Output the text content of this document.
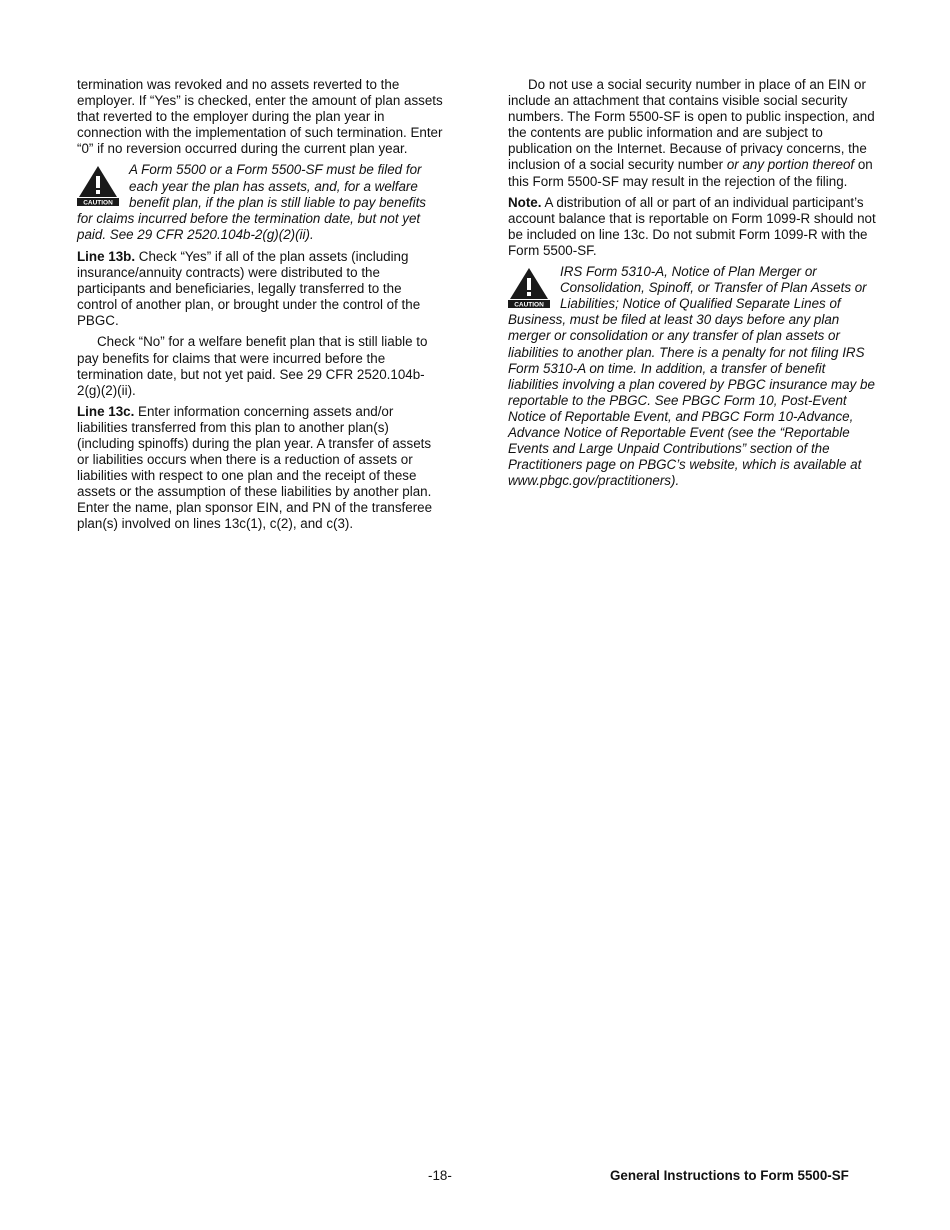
termination was revoked and no assets reverted to the employer. If “Yes” is checked, enter the amount of plan assets that reverted to the employer during the plan year in connection with the implementation of such termination. Enter “0” if no reversion occurred during the current plan year.

CAUTION
A Form 5500 or a Form 5500-SF must be filed for each year the plan has assets, and, for a welfare benefit plan, if the plan is still liable to pay benefits for claims incurred before the termination date, but not yet paid. See 29 CFR 2520.104b-2(g)(2)(ii).

Line 13b. Check “Yes” if all of the plan assets (including insurance/annuity contracts) were distributed to the participants and beneficiaries, legally transferred to the control of another plan, or brought under the control of the PBGC.

Check “No” for a welfare benefit plan that is still liable to pay benefits for claims that were incurred before the termination date, but not yet paid. See 29 CFR 2520.104b-2(g)(2)(ii).

Line 13c. Enter information concerning assets and/or liabilities transferred from this plan to another plan(s) (including spinoffs) during the plan year. A transfer of assets or liabilities occurs when there is a reduction of assets or liabilities with respect to one plan and the receipt of these assets or the assumption of these liabilities by another plan. Enter the name, plan sponsor EIN, and PN of the transferee plan(s) involved on lines 13c(1), c(2), and c(3).

Do not use a social security number in place of an EIN or include an attachment that contains visible social security numbers. The Form 5500-SF is open to public inspection, and the contents are public information and are subject to publication on the Internet. Because of privacy concerns, the inclusion of a social security number or any portion thereof on this Form 5500-SF may result in the rejection of the filing.

Note. A distribution of all or part of an individual participant’s account balance that is reportable on Form 1099-R should not be included on line 13c. Do not submit Form 1099-R with the Form 5500-SF.

CAUTION
IRS Form 5310-A, Notice of Plan Merger or Consolidation, Spinoff, or Transfer of Plan Assets or Liabilities; Notice of Qualified Separate Lines of Business, must be filed at least 30 days before any plan merger or consolidation or any transfer of plan assets or liabilities to another plan. There is a penalty for not filing IRS Form 5310-A on time. In addition, a transfer of benefit liabilities involving a plan covered by PBGC insurance may be reportable to the PBGC. See PBGC Form 10, Post-Event Notice of Reportable Event, and PBGC Form 10-Advance, Advance Notice of Reportable Event (see the “Reportable Events and Large Unpaid Contributions” section of the Practitioners page on PBGC’s website, which is available at www.pbgc.gov/practitioners).
-18-	General Instructions to Form 5500-SF
